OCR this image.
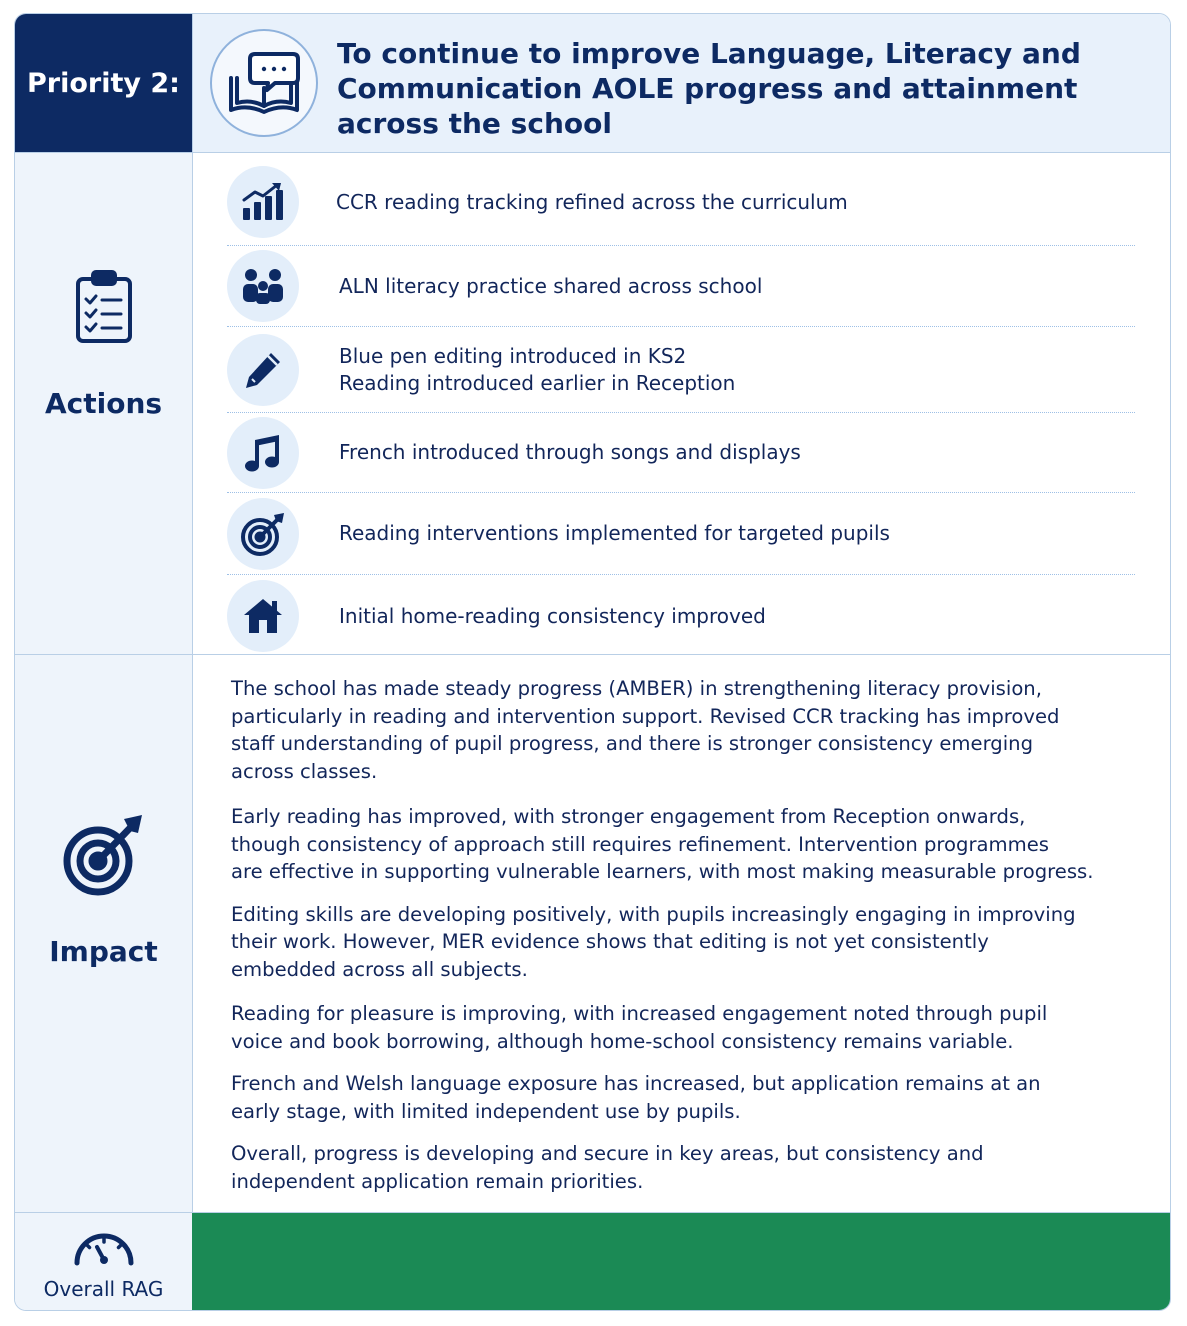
Priority 2:
To continue to improve Language, Literacy and
Communication AOLE progress and attainment
across the school
Actions
CCR reading tracking refined across the curriculum
ALN literacy practice shared across school
Blue pen editing introduced in KS2
Reading introduced earlier in Reception
French introduced through songs and displays
Reading interventions implemented for targeted pupils
Initial home-reading consistency improved
Impact

The school has made steady progress (AMBER) in strengthening literacy provision,
particularly in reading and intervention support. Revised CCR tracking has improved
staff understanding of pupil progress, and there is stronger consistency emerging
across classes.

Early reading has improved, with stronger engagement from Reception onwards,
though consistency of approach still requires refinement. Intervention programmes
are effective in supporting vulnerable learners, with most making measurable progress.

Editing skills are developing positively, with pupils increasingly engaging in improving
their work. However, MER evidence shows that editing is not yet consistently
embedded across all subjects.

Reading for pleasure is improving, with increased engagement noted through pupil
voice and book borrowing, although home-school consistency remains variable.

French and Welsh language exposure has increased, but application remains at an
early stage, with limited independent use by pupils.

Overall, progress is developing and secure in key areas, but consistency and
independent application remain priorities.

Overall RAG
